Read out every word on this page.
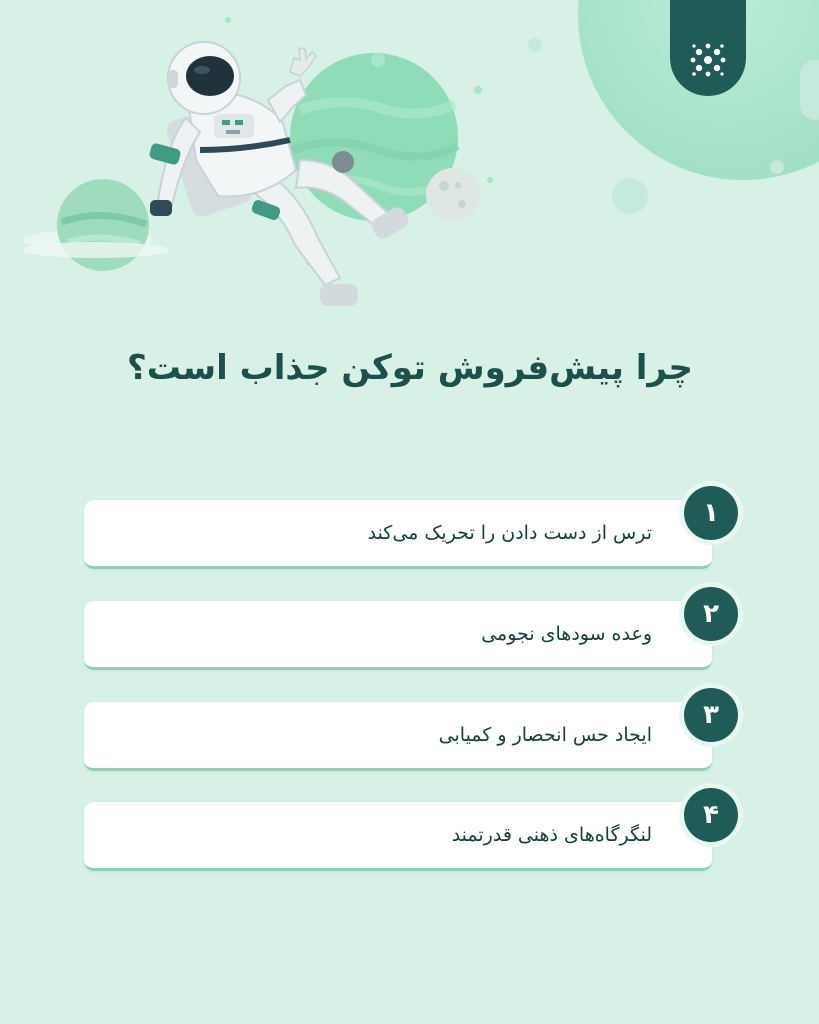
چرا پیش‌فروش توکن جذاب است؟
ترس از دست دادن را تحریک می‌کند
۱
وعده سودهای نجومی
۲
ایجاد حس انحصار و کمیابی
۳
لنگرگاه‌های ذهنی قدرتمند
۴
